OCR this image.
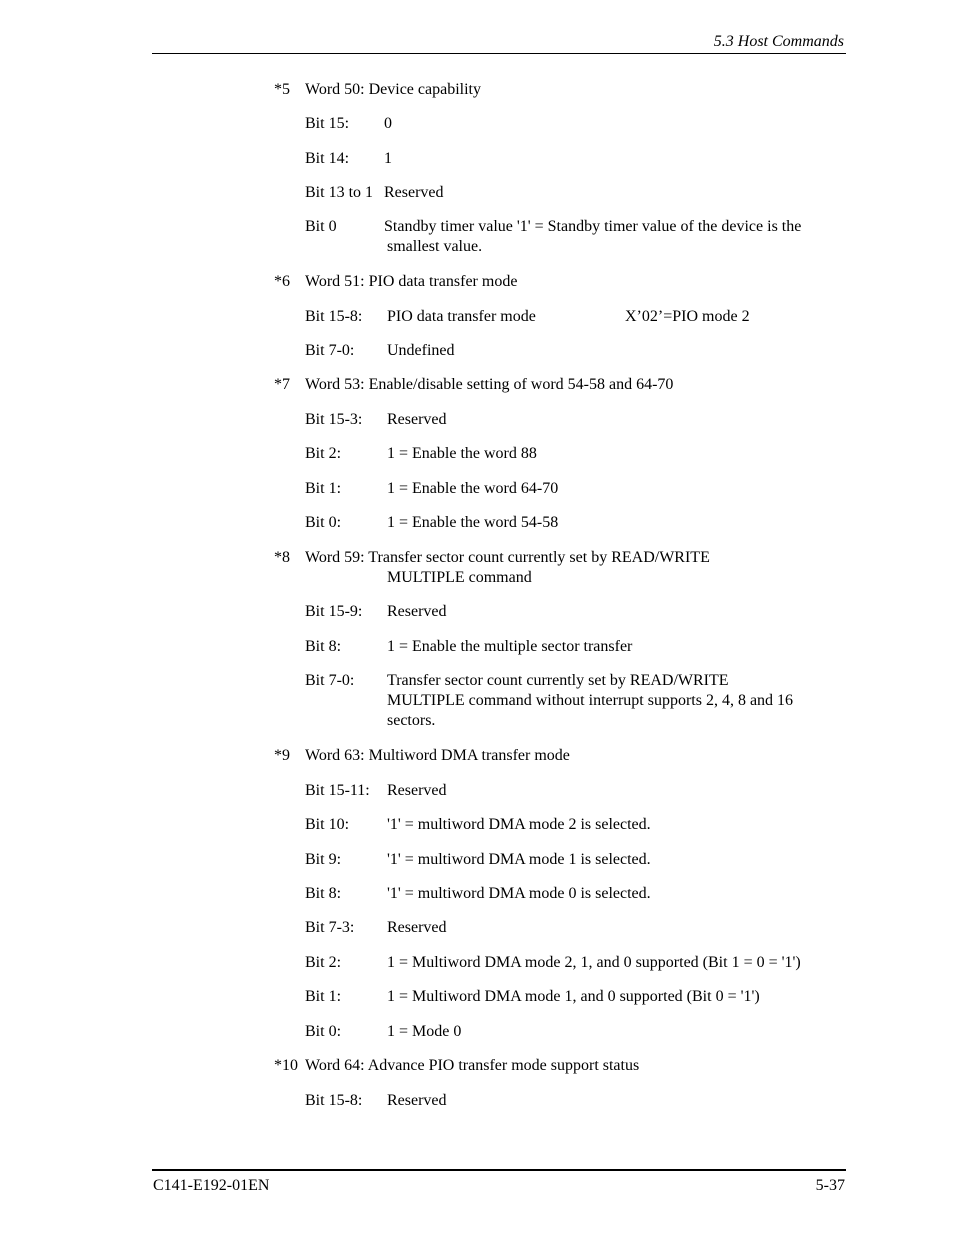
5.3 Host Commands
*5 Word 50: Device capability
Bit 15: 0
Bit 14: 1
Bit 13 to 1 Reserved
Bit 0	Standby timer value '1' = Standby timer value of the device is the
smallest value.
*6 Word 51: PIO data transfer mode
Bit 15-8: PIO data transfer mode	X’02’=PIO mode 2
Bit 7-0: Undefined
*7 Word 53: Enable/disable setting of word 54-58 and 64-70
Bit 15-3: Reserved
Bit 2:	1 = Enable the word 88
Bit 1:	1 = Enable the word 64-70
Bit 0:	1 = Enable the word 54-58
*8 Word 59: Transfer sector count currently set by READ/WRITE
MULTIPLE command
Bit 15-9: Reserved
Bit 8:	1 = Enable the multiple sector transfer
Bit 7-0: Transfer sector count currently set by READ/WRITE
MULTIPLE command without interrupt supports 2, 4, 8 and 16
sectors.
*9 Word 63: Multiword DMA transfer mode
Bit 15-11: Reserved
Bit 10: '1' = multiword DMA mode 2 is selected.
Bit 9:	'1' = multiword DMA mode 1 is selected.
Bit 8:	'1' = multiword DMA mode 0 is selected.
Bit 7-3: Reserved
Bit 2:	1 = Multiword DMA mode 2, 1, and 0 supported (Bit 1 = 0 = '1')
Bit 1:	1 = Multiword DMA mode 1, and 0 supported (Bit 0 = '1')
Bit 0:	1 = Mode 0
*10 Word 64: Advance PIO transfer mode support status
Bit 15-8: Reserved
C141-E192-01EN	5-37
